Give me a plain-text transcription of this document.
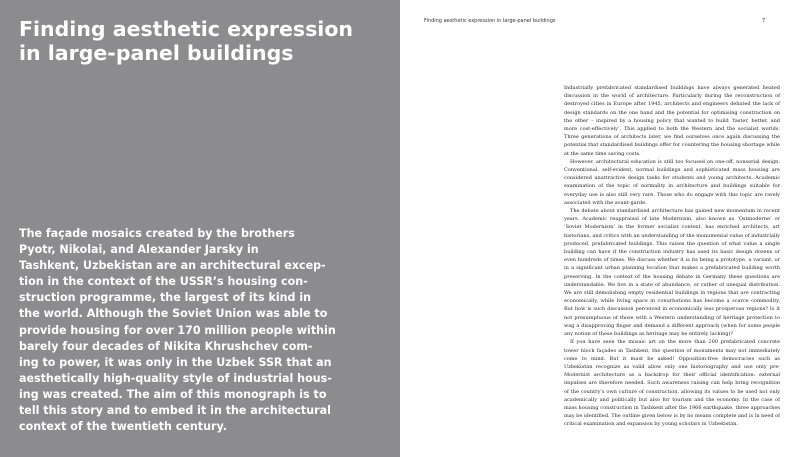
Finding aesthetic expression
in large-panel buildings

The façade mosaics created by the brothers
Pyotr, Nikolai, and Alexander Jarsky in
Tashkent, Uzbekistan are an architectural excep-
tion in the context of the USSR’s housing con-
struction programme, the largest of its kind in
the world. Although the Soviet Union was able to
provide housing for over 170 million people within
barely four decades of Nikita Khrushchev com-
ing to power, it was only in the Uzbek SSR that an
aesthetically high-quality style of industrial hous-
ing was created. The aim of this monograph is to
tell this story and to embed it in the architectural
context of the twentieth century.

Finding aesthetic expression in large-panel buildings	7

Industrially prefabricated standardised buildings have always generated heated discussion in the world of architecture. Particularly during the reconstruction of destroyed cities in Europe after 1945, architects and engineers debated the lack of design standards on the one hand and the potential for optimising construction on the other – inspired by a housing policy that wanted to build ‘faster, better, and more cost-effectively’. This applied to both the Western and the socialist worlds. Three generations of architects later, we find ourselves once again discussing the potential that standardised buildings offer for countering the housing shortage while at the same time saving costs.

However, architectural education is still too focused on one-off, nonserial design. Conventional, self-evident, normal buildings and sophisticated mass housing are considered unattractive design tasks for students and young architects. Academic examination of the topic of normality in architecture and buildings suitable for everyday use is also still very rare. Those who do engage with this topic are rarely associated with the avant-garde.

The debate about standardised architecture has gained new momentum in recent years. Academic reappraisal of late Modernism, also known as ‘Ostmoderne’ or ‘Soviet Modernism’ in the former socialist context, has enriched architects, art historians, and critics with an understanding of the monumental value of industrially produced, prefabricated buildings. This raises the question of what value a single building can have if the construction industry has used its basic design dozens or even hundreds of times. We discuss whether it is its being a prototype, a variant, or in a significant urban planning location that makes a prefabricated building worth preserving. In the context of the housing debate in Germany these questions are understandable. We live in a state of abundance, or rather of unequal distribution. We are still demolishing empty residential buildings in regions that are contracting economically, while living space in conurbations has become a scarce commodity. But how is such discussion perceived in economically less prosperous regions? Is it not presumptuous of those with a Western understanding of heritage protection to wag a disapproving finger and demand a different approach (when for some people any notion of these buildings as heritage may be entirely lacking)?

If you have seen the mosaic art on the more than 200 prefabricated concrete tower block façades in Tashkent, the question of monuments may not immediately come to mind. But it must be asked! Opposition-free democracies such as Uzbekistan recognize as valid allow only one historiography and use only pre-Modernist architecture as a backdrop for their official identification: external impulses are therefore needed. Such awareness raising can help bring recognition of the country’s own culture of construction, allowing its values to be used not only academically and politically but also for tourism and the economy. In the case of mass housing construction in Tashkent after the 1966 earthquake, three approaches may be identified. The outline given below is by no means complete and is in need of critical examination and expansion by young scholars in Uzbekistan.
